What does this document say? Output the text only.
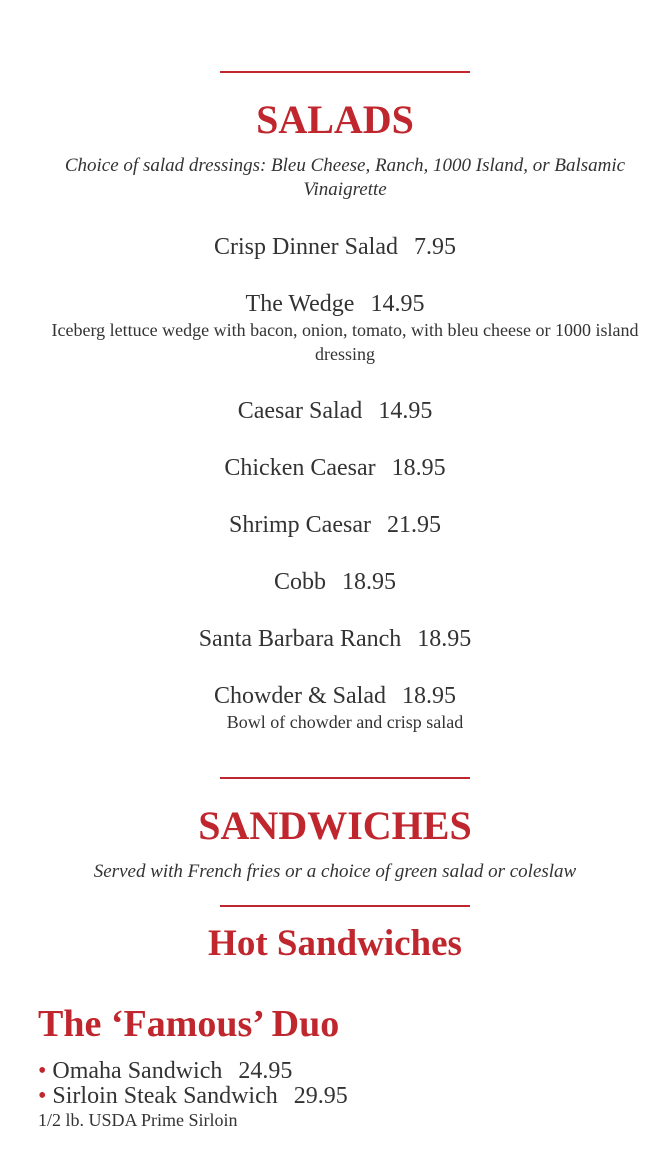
SALADS
Choice of salad dressings: Bleu Cheese, Ranch, 1000 Island, or Balsamic Vinaigrette
Crisp Dinner Salad 7.95
The Wedge 14.95
Iceberg lettuce wedge with bacon, onion, tomato, with bleu cheese or 1000 island dressing
Caesar Salad 14.95
Chicken Caesar 18.95
Shrimp Caesar 21.95
Cobb 18.95
Santa Barbara Ranch 18.95
Chowder & Salad 18.95
Bowl of chowder and crisp salad
SANDWICHES
Served with French fries or a choice of green salad or coleslaw
Hot Sandwiches
The ‘Famous’ Duo
• Omaha Sandwich 24.95
• Sirloin Steak Sandwich 29.95
1/2 lb. USDA Prime Sirloin
